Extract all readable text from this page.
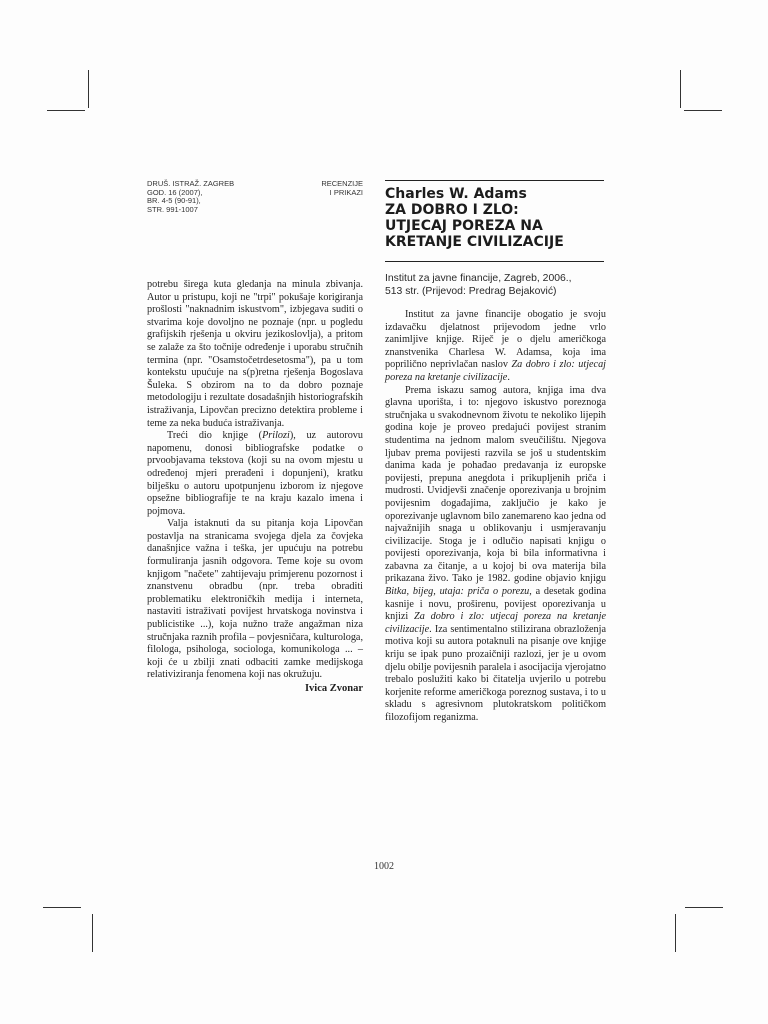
DRUŠ. ISTRAŽ. ZAGREB
GOD. 16 (2007),
BR. 4-5 (90-91),
STR. 991-1007
RECENZIJE
I PRIKAZI Charles W. Adams
ZA DOBRO I ZLO:
UTJECAJ POREZA NA
KRETANJE CIVILIZACIJE
Institut za javne financije, Zagreb, 2006.,
513 str. (Prijevod: Predrag Bejaković)

potrebu širega kuta gledanja na minula zbivanja. Autor u pristupu, koji ne "trpi" pokušaje korigiranja prošlosti "naknadnim iskustvom", izbjegava suditi o stvarima koje dovoljno ne poznaje (npr. u pogledu grafijskih rješenja u okviru jezikoslovlja), a pritom se zalaže za što točnije određenje i uporabu stručnih termina (npr. "Osamstočetrdesetosma"), pa u tom kontekstu upućuje na s(p)retna rješenja Bogoslava Šuleka. S obzirom na to da dobro poznaje metodologiju i rezultate dosadašnjih historiografskih istraživanja, Lipovčan precizno detektira probleme i teme za neka buduća istraživanja.

Treći dio knjige (Prilozi), uz autorovu napomenu, donosi bibliografske podatke o prvoobjavama tekstova (koji su na ovom mjestu u određenoj mjeri prerađeni i dopunjeni), kratku bilješku o autoru upotpunjenu izborom iz njegove opsežne bibliografije te na kraju kazalo imena i pojmova.

Valja istaknuti da su pitanja koja Lipovčan postavlja na stranicama svojega djela za čovjeka današnjice važna i teška, jer upućuju na potrebu formuliranja jasnih odgovora. Teme koje su ovom knjigom "načete" zahtijevaju primjerenu pozornost i znanstvenu obradbu (npr. treba obraditi problematiku elektroničkih medija i interneta, nastaviti istraživati povijest hrvatskoga novinstva i publicistike ...), koja nužno traže angažman niza stručnjaka raznih profila – povjesničara, kulturologa, filologa, psihologa, sociologa, komunikologa ... – koji će u zbilji znati odbaciti zamke medijskoga relativiziranja fenomena koji nas okružuju.

Ivica Zvonar

Institut za javne financije obogatio je svoju izdavačku djelatnost prijevodom jedne vrlo zanimljive knjige. Riječ je o djelu američkoga znanstvenika Charlesa W. Adamsa, koja ima poprilično neprivlačan naslov Za dobro i zlo: utjecaj poreza na kretanje civilizacije.

Prema iskazu samog autora, knjiga ima dva glavna uporišta, i to: njegovo iskustvo poreznoga stručnjaka u svakodnevnom životu te nekoliko lijepih godina koje je proveo predajući povijest stranim studentima na jednom malom sveučilištu. Njegova ljubav prema povijesti razvila se još u studentskim danima kada je pohađao predavanja iz europske povijesti, prepuna anegdota i prikupljenih priča i mudrosti. Uvidjevši značenje oporezivanja u brojnim povijesnim događajima, zaključio je kako je oporezivanje uglavnom bilo zanemareno kao jedna od najvažnijih snaga u oblikovanju i usmjeravanju civilizacije. Stoga je i odlučio napisati knjigu o povijesti oporezivanja, koja bi bila informativna i zabavna za čitanje, a u kojoj bi ova materija bila prikazana živo. Tako je 1982. godine objavio knjigu Bitka, bijeg, utaja: priča o porezu, a desetak godina kasnije i novu, proširenu, povijest oporezivanja u knjizi Za dobro i zlo: utjecaj poreza na kretanje civilizacije. Iza sentimentalno stilizirana obrazloženja motiva koji su autora potaknuli na pisanje ove knjige kriju se ipak puno prozaičniji razlozi, jer je u ovom djelu obilje povijesnih paralela i asocijacija vjerojatno trebalo poslužiti kako bi čitatelja uvjerilo u potrebu korjenite reforme američkoga poreznog sustava, i to u skladu s agresivnom plutokratskom političkom filozofijom reganizma.

1002
